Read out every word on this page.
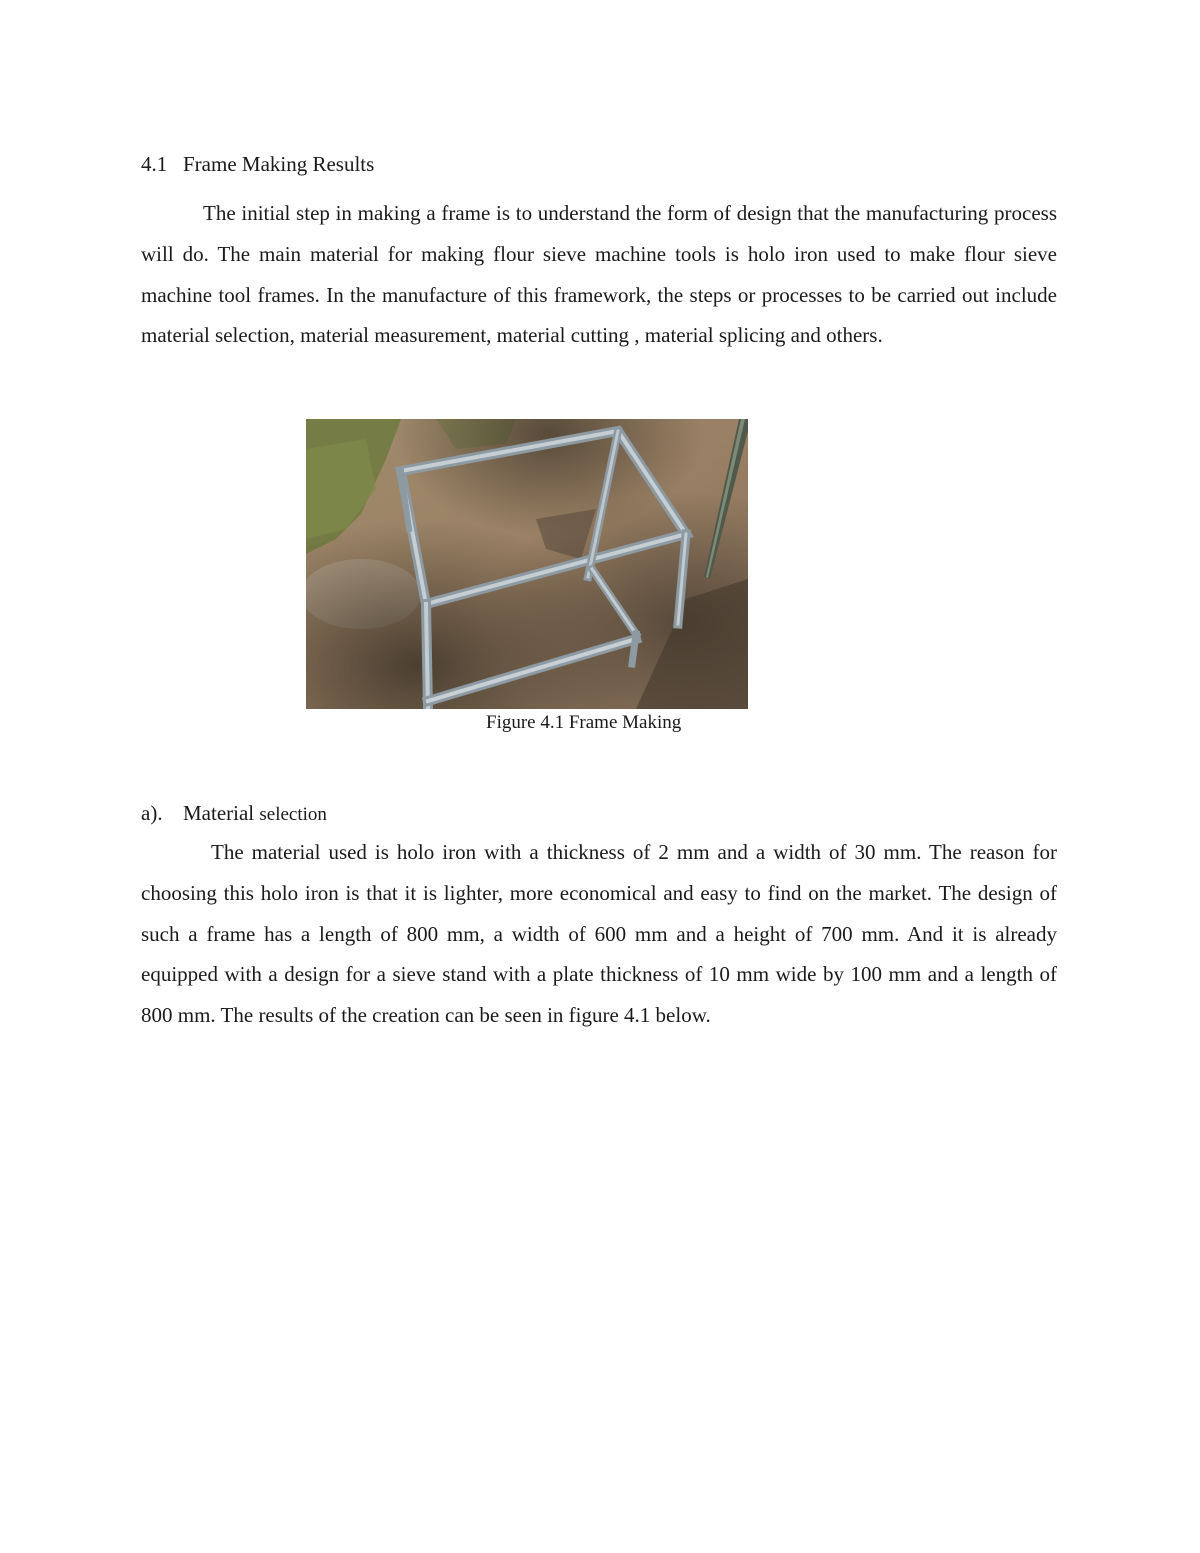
4.1 Frame Making Results

The initial step in making a frame is to understand the form of design that the manufacturing process will do. The main material for making flour sieve machine tools is holo iron used to make flour sieve machine tool frames. In the manufacture of this framework, the steps or processes to be carried out include material selection, material measurement, material cutting , material splicing and others.

Figure 4.1 Frame Making
a). Material selection

The material used is holo iron with a thickness of 2 mm and a width of 30 mm. The reason for choosing this holo iron is that it is lighter, more economical and easy to find on the market. The design of such a frame has a length of 800 mm, a width of 600 mm and a height of 700 mm. And it is already equipped with a design for a sieve stand with a plate thickness of 10 mm wide by 100 mm and a length of 800 mm. The results of the creation can be seen in figure 4.1 below.
